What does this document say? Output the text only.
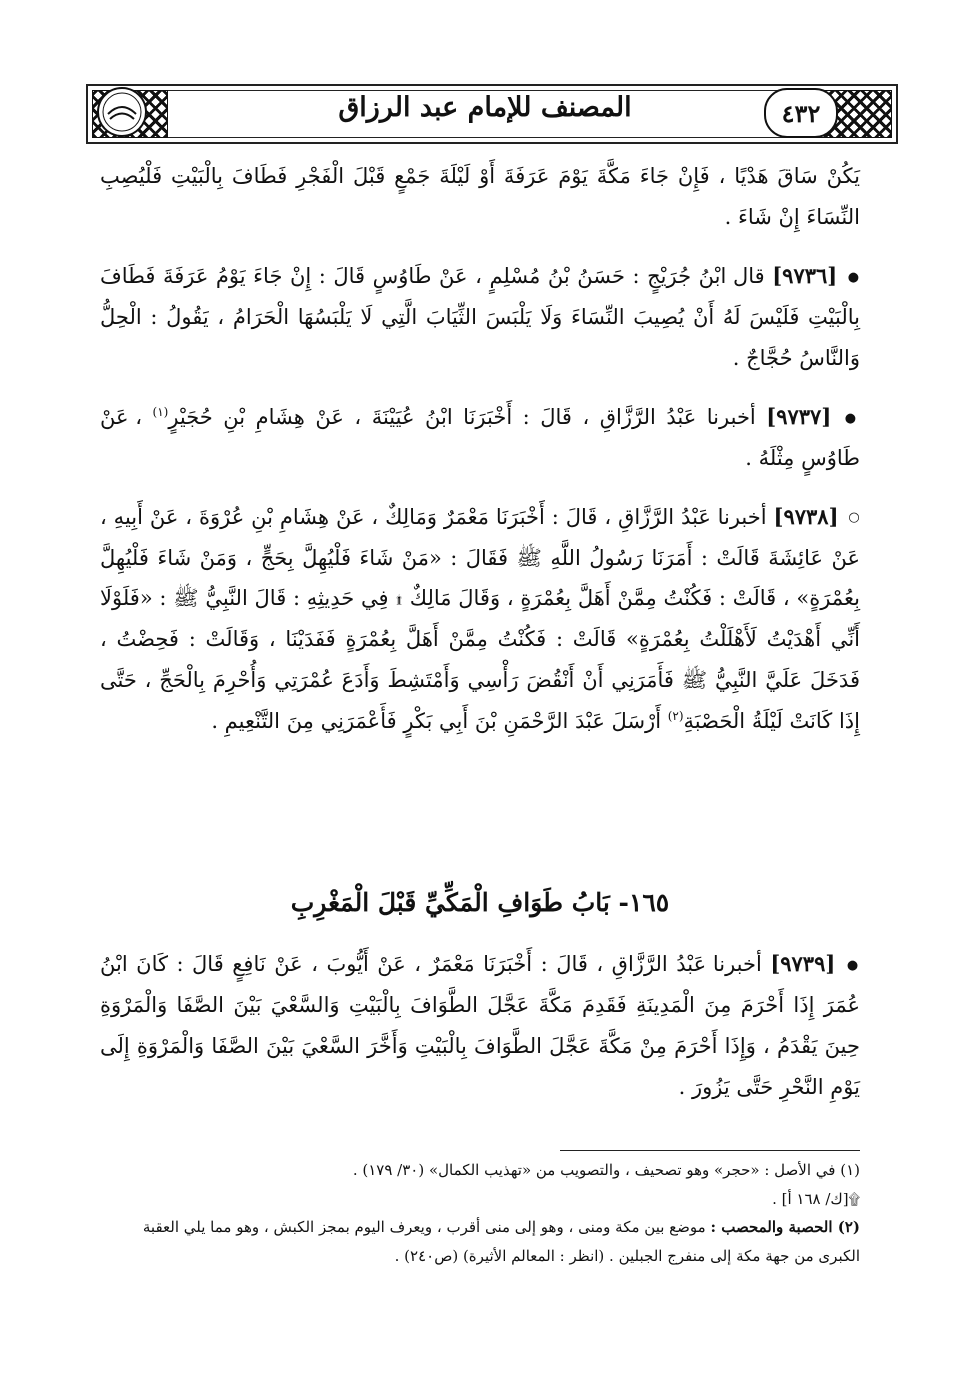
٤٣٢
المصنف للإمام عبد الرزاق

يَكُنْ سَاقَ هَدْيًا ، فَإِنْ جَاءَ مَكَّةَ يَوْمَ عَرَفَةَ أَوْ لَيْلَةَ جَمْعٍ قَبْلَ الْفَجْرِ فَطَافَ بِالْبَيْتِ فَلْيُصِبِ النِّسَاءَ إِنْ شَاءَ .

● [٩٧٣٦] قال ابْنُ جُرَيْجٍ : حَسَنُ بْنُ مُسْلِمٍ ، عَنْ طَاوُسٍ قَالَ : إِنْ جَاءَ يَوْمُ عَرَفَةَ فَطَافَ بِالْبَيْتِ فَلَيْسَ لَهُ أَنْ يُصِيبَ النِّسَاءَ وَلَا يَلْبَسَ الثِّيَابَ الَّتِي لَا يَلْبَسُهَا الْحَرَامُ ، يَقُولُ : الْحِلُّ وَالنَّاسُ حُجَّاجٌ .

● [٩٧٣٧] أخبرنا عَبْدُ الرَّزَّاقِ ، قَالَ : أَخْبَرَنَا ابْنُ عُيَيْنَةَ ، عَنْ هِشَامِ بْنِ حُجَيْرٍ$^{(١)}$ ، عَنْ طَاوُسٍ مِثْلَهُ .

○ [٩٧٣٨] أخبرنا عَبْدُ الرَّزَّاقِ ، قَالَ : أَخْبَرَنَا مَعْمَرٌ وَمَالِكٌ ، عَنْ هِشَامِ بْنِ عُرْوَةَ ، عَنْ أَبِيهِ ، عَنْ عَائِشَةَ قَالَتْ : أَمَرَنَا رَسُولُ اللَّهِ ﷺ فَقَالَ : «مَنْ شَاءَ فَلْيُهِلَّ بِحَجٍّ ، وَمَنْ شَاءَ فَلْيُهِلَّ بِعُمْرَةٍ» ، قَالَتْ : فَكُنْتُ مِمَّنْ أَهَلَّ بِعُمْرَةٍ ، وَقَالَ مَالِكٌ ۩ فِي حَدِيثِهِ : قَالَ النَّبِيُّ ﷺ : «فَلَوْلَا أَنِّي أَهْدَيْتُ لَأَهْلَلْتُ بِعُمْرَةٍ» قَالَتْ : فَكُنْتُ مِمَّنْ أَهَلَّ بِعُمْرَةٍ فَفَدَيْنَا ، وَقَالَتْ : فَحِضْتُ ، فَدَخَلَ عَلَيَّ النَّبِيُّ ﷺ فَأَمَرَنِي أَنْ أَنْقُضَ رَأْسِي وَأَمْتَشِطَ وَأَدَعَ عُمْرَتِي وَأُحْرِمَ بِالْحَجِّ ، حَتَّى إِذَا كَانَتْ لَيْلَةُ الْحَصْبَةِ$^{(٢)}$ أَرْسَلَ عَبْدَ الرَّحْمَنِ بْنَ أَبِي بَكْرٍ فَأَعْمَرَنِي مِنَ التَّنْعِيمِ .

١٦٥- بَابُ طَوَافِ الْمَكِّيِّ قَبْلَ الْمَغْرِبِ

● [٩٧٣٩] أخبرنا عَبْدُ الرَّزَّاقِ ، قَالَ : أَخْبَرَنَا مَعْمَرٌ ، عَنْ أَيُّوبَ ، عَنْ نَافِعٍ قَالَ : كَانَ ابْنُ عُمَرَ إِذَا أَحْرَمَ مِنَ الْمَدِينَةِ فَقَدِمَ مَكَّةَ عَجَّلَ الطَّوَافَ بِالْبَيْتِ وَالسَّعْيَ بَيْنَ الصَّفَا وَالْمَرْوَةِ حِينَ يَقْدَمُ ، وَإِذَا أَحْرَمَ مِنْ مَكَّةَ عَجَّلَ الطَّوَافَ بِالْبَيْتِ وَأَخَّرَ السَّعْيَ بَيْنَ الصَّفَا وَالْمَرْوَةِ إِلَى يَوْمِ النَّحْرِ حَتَّى يَزُورَ .

(١) في الأصل : «حجر» وهو تصحيف ، والتصويب من «تهذيب الكمال» (٣٠/ ١٧٩) .

۩[ك/ ١٦٨ أ] .

(٢) الحصبة والمحصب : موضع بين مكة ومنى ، وهو إلى منى أقرب ، ويعرف اليوم بمجز الكبش ، وهو مما يلي العقبة الكبرى من جهة مكة إلى منفرج الجبلين . (انظر : المعالم الأثيرة) (ص٢٤٠) .
